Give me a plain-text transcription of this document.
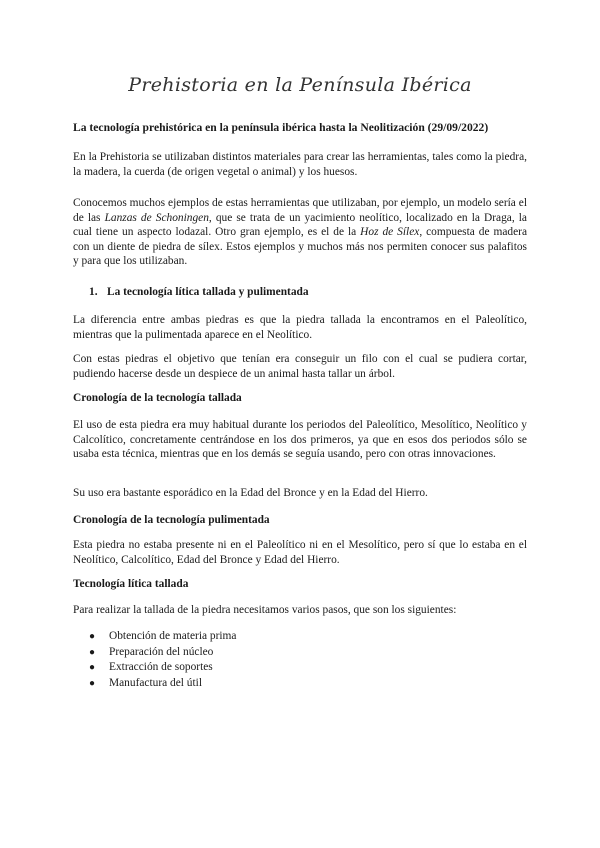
Prehistoria en la Península Ibérica
La tecnología prehistórica en la península ibérica hasta la Neolitización (29/09/2022)

En la Prehistoria se utilizaban distintos materiales para crear las herramientas, tales como la piedra, la madera, la cuerda (de origen vegetal o animal) y los huesos.

Conocemos muchos ejemplos de estas herramientas que utilizaban, por ejemplo, un modelo sería el de las Lanzas de Schoningen, que se trata de un yacimiento neolítico, localizado en la Draga, la cual tiene un aspecto lodazal. Otro gran ejemplo, es el de la Hoz de Sílex, compuesta de madera con un diente de piedra de sílex. Estos ejemplos y muchos más nos permiten conocer sus palafitos y para que los utilizaban.

1. La tecnología lítica tallada y pulimentada

La diferencia entre ambas piedras es que la piedra tallada la encontramos en el Paleolítico, mientras que la pulimentada aparece en el Neolítico.

Con estas piedras el objetivo que tenían era conseguir un filo con el cual se pudiera cortar, pudiendo hacerse desde un despiece de un animal hasta tallar un árbol.

Cronología de la tecnología tallada

El uso de esta piedra era muy habitual durante los periodos del Paleolítico, Mesolítico, Neolítico y Calcolítico, concretamente centrándose en los dos primeros, ya que en esos dos periodos sólo se usaba esta técnica, mientras que en los demás se seguía usando, pero con otras innovaciones.

Su uso era bastante esporádico en la Edad del Bronce y en la Edad del Hierro.

Cronología de la tecnología pulimentada

Esta piedra no estaba presente ni en el Paleolítico ni en el Mesolítico, pero sí que lo estaba en el Neolítico, Calcolítico, Edad del Bronce y Edad del Hierro.

Tecnología lítica tallada

Para realizar la tallada de la piedra necesitamos varios pasos, que son los siguientes:

● Obtención de materia prima
● Preparación del núcleo
● Extracción de soportes
● Manufactura del útil
